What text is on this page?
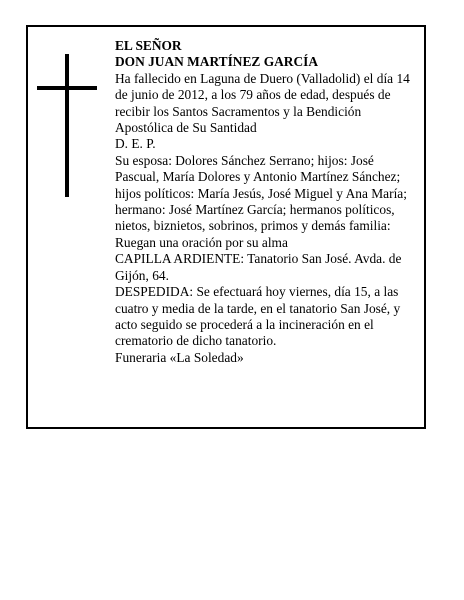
EL SEÑOR

DON JUAN MARTÍNEZ GARCÍA

Ha fallecido en Laguna de Duero (Valladolid) el día 14 de junio de 2012, a los 79 años de edad, después de recibir los Santos Sacramentos y la Bendición Apostólica de Su Santidad

D. E. P.

Su esposa: Dolores Sánchez Serrano; hijos: José Pascual, María Dolores y Antonio Martínez Sánchez; hijos políticos: María Jesús, José Miguel y Ana María; hermano: José Martínez García; hermanos políticos, nietos, biznietos, sobrinos, primos y demás familia:

Ruegan una oración por su alma

CAPILLA ARDIENTE: Tanatorio San José. Avda. de Gijón, 64.

DESPEDIDA: Se efectuará hoy viernes, día 15, a las cuatro y media de la tarde, en el tanatorio San José, y acto seguido se procederá a la incineración en el crematorio de dicho tanatorio.

Funeraria «La Soledad»
